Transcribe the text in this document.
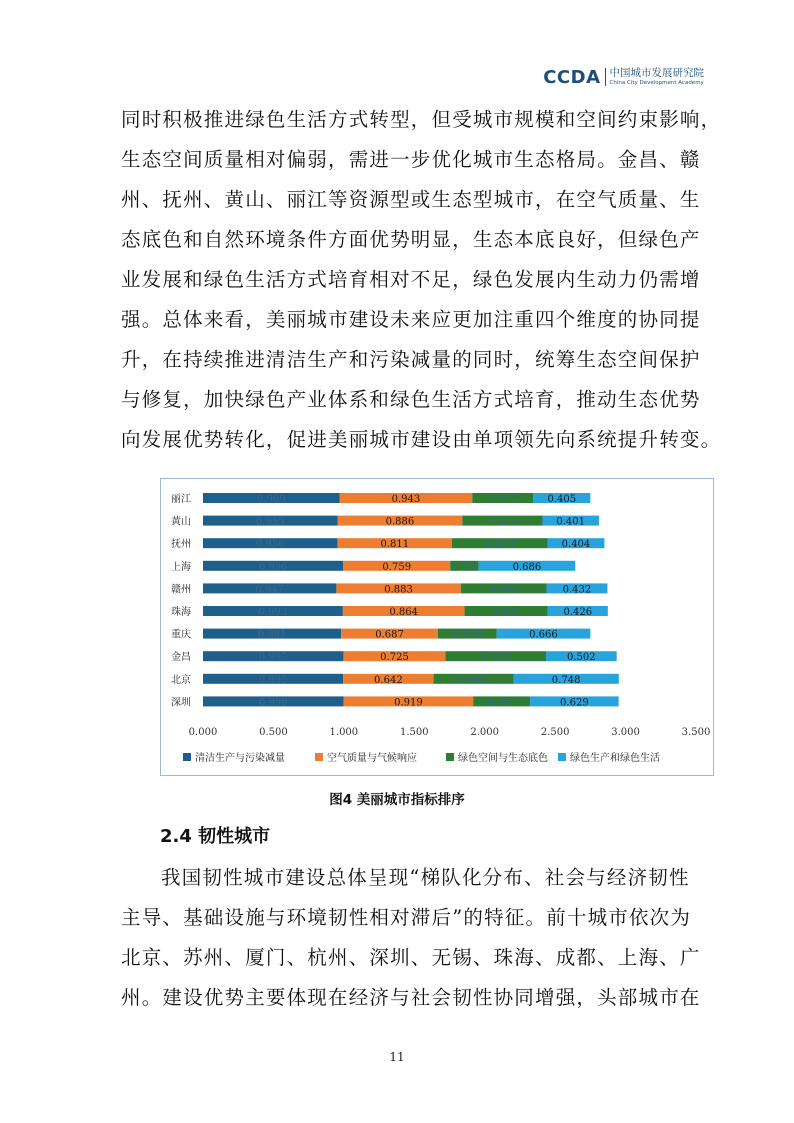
CCDA 中国城市发展研究院
China City Development Academy
同时积极推进绿色生活方式转型，但受城市规模和空间约束影响，
生态空间质量相对偏弱，需进一步优化城市生态格局。金昌、赣
州、抚州、黄山、丽江等资源型或生态型城市，在空气质量、生
态底色和自然环境条件方面优势明显，生态本底良好，但绿色产
业发展和绿色生活方式培育相对不足，绿色发展内生动力仍需增
强。总体来看，美丽城市建设未来应更加注重四个维度的协同提
升，在持续推进清洁生产和污染减量的同时，统筹生态空间保护
与修复，加快绿色产业体系和绿色生活方式培育，推动生态优势
向发展优势转化，促进美丽城市建设由单项领先向系统提升转变。
丽江	0.969	0.943	0.433	0.405
黄山	0.955	0.886	0.569	0.401
抚州	0.956	0.811	0.679	0.404
上海	0.996	0.759	0.202	0.686
赣州	0.947	0.883	0.609	0.432
珠海	0.993	0.864	0.591	0.426
重庆	0.981	0.687	0.416	0.666
金昌	0.997	0.725	0.713	0.502
北京	0.995	0.642	0.567	0.748
深圳	0.999	0.919	0.404	0.629
0.000	0.500	1.000	1.500	2.000	2.500	3.000	3.500
清洁生产与污染减量	空气质量与气候响应	绿色空间与生态底色 绿色生产和绿色生活
图4 美丽城市指标排序
2.4 韧性城市
我国韧性城市建设总体呈现“梯队化分布、社会与经济韧性
主导、基础设施与环境韧性相对滞后”的特征。前十城市依次为
北京、苏州、厦门、杭州、深圳、无锡、珠海、成都、上海、广
州。建设优势主要体现在经济与社会韧性协同增强，头部城市在
11
